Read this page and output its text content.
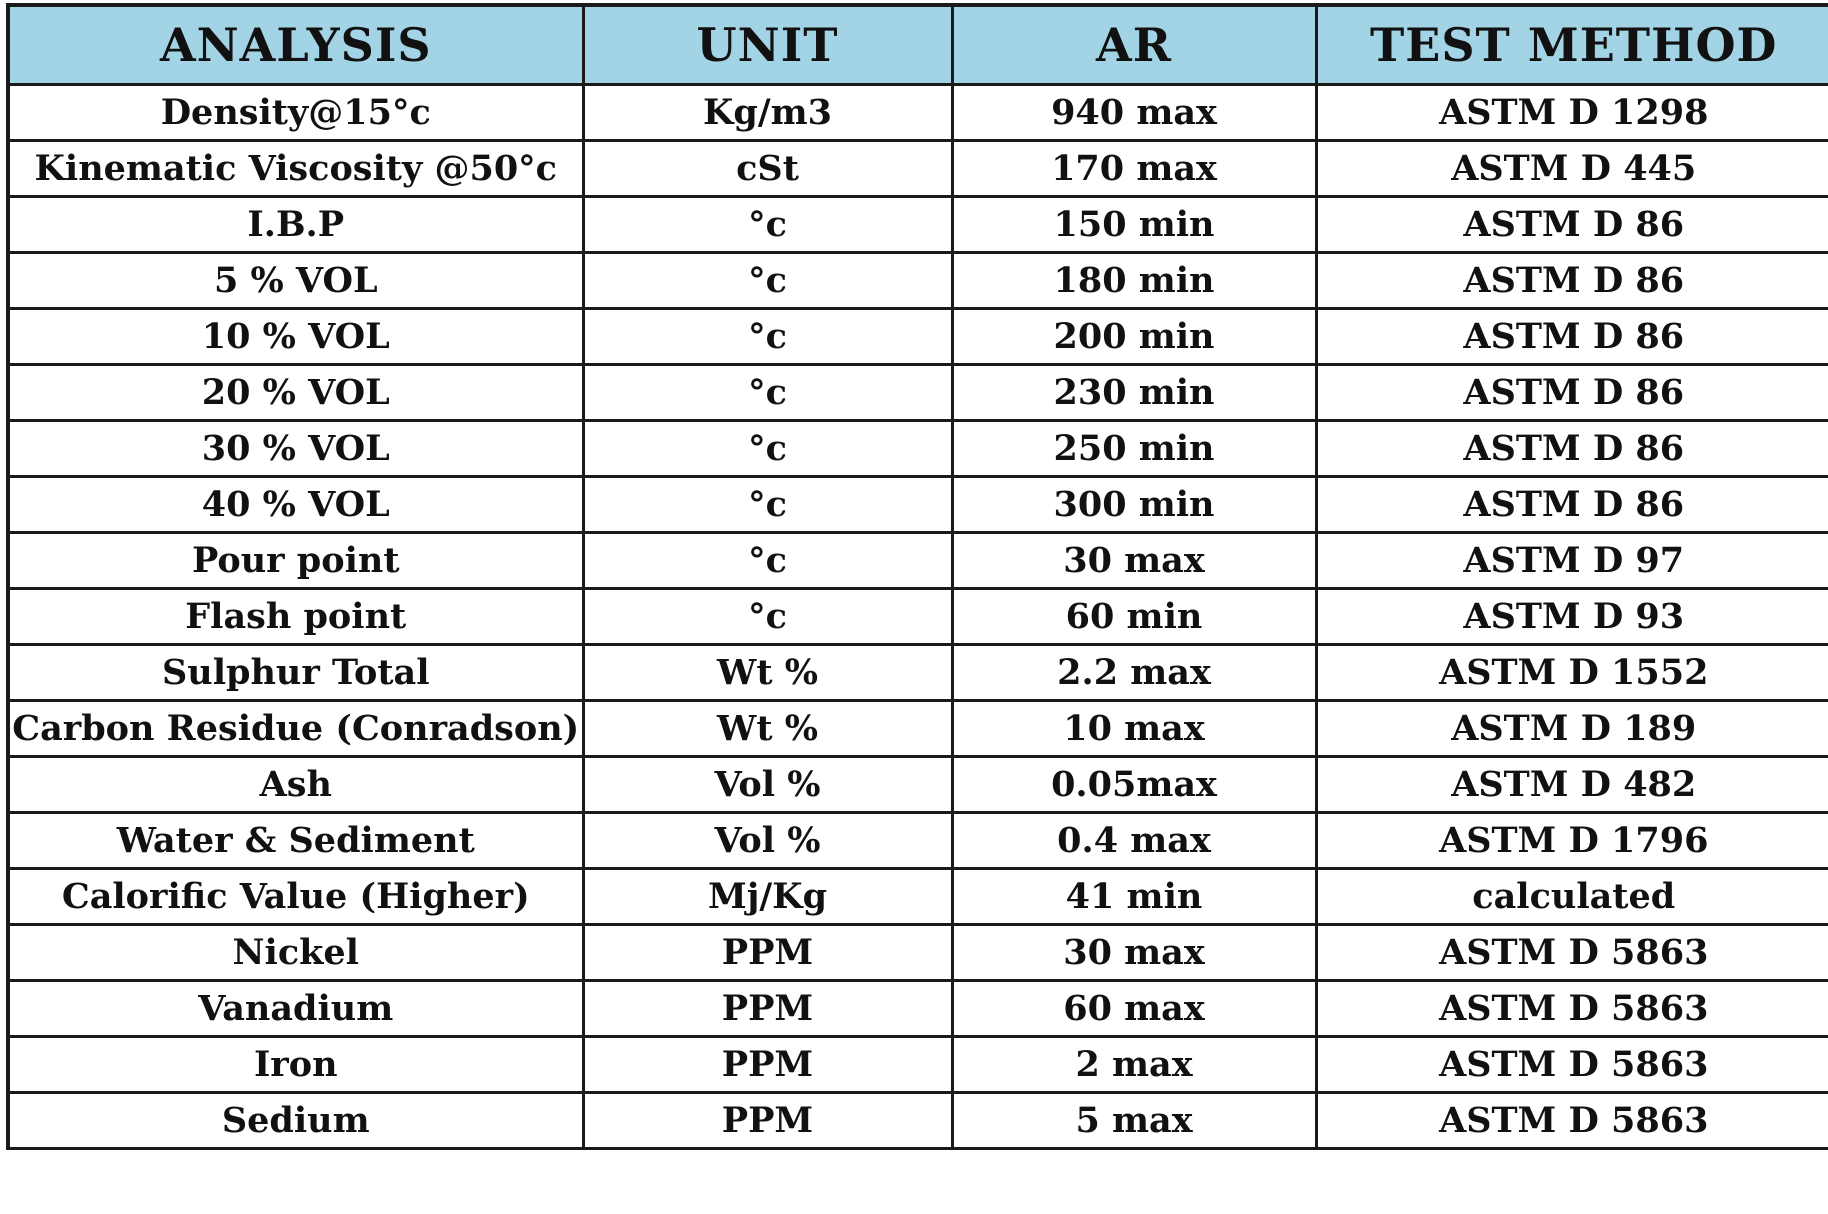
ANALYSIS	UNIT	AR	TEST METHOD
Density@15°c	Kg/m3	940 max	ASTM D 1298
Kinematic Viscosity @50°c	cSt	170 max	ASTM D 445
I.B.P	°c	150 min	ASTM D 86
5 % VOL	°c	180 min	ASTM D 86
10 % VOL	°c	200 min	ASTM D 86
20 % VOL	°c	230 min	ASTM D 86
30 % VOL	°c	250 min	ASTM D 86
40 % VOL	°c	300 min	ASTM D 86
Pour point	°c	30 max	ASTM D 97
Flash point	°c	60 min	ASTM D 93
Sulphur Total	Wt %	2.2 max	ASTM D 1552
Carbon Residue (Conradson)	Wt %	10 max	ASTM D 189
Ash	Vol %	0.05max	ASTM D 482
Water & Sediment	Vol %	0.4 max	ASTM D 1796
Calorific Value (Higher)	Mj/Kg	41 min	calculated
Nickel	PPM	30 max	ASTM D 5863
Vanadium	PPM	60 max	ASTM D 5863
Iron	PPM	2 max	ASTM D 5863
Sedium	PPM	5 max	ASTM D 5863
